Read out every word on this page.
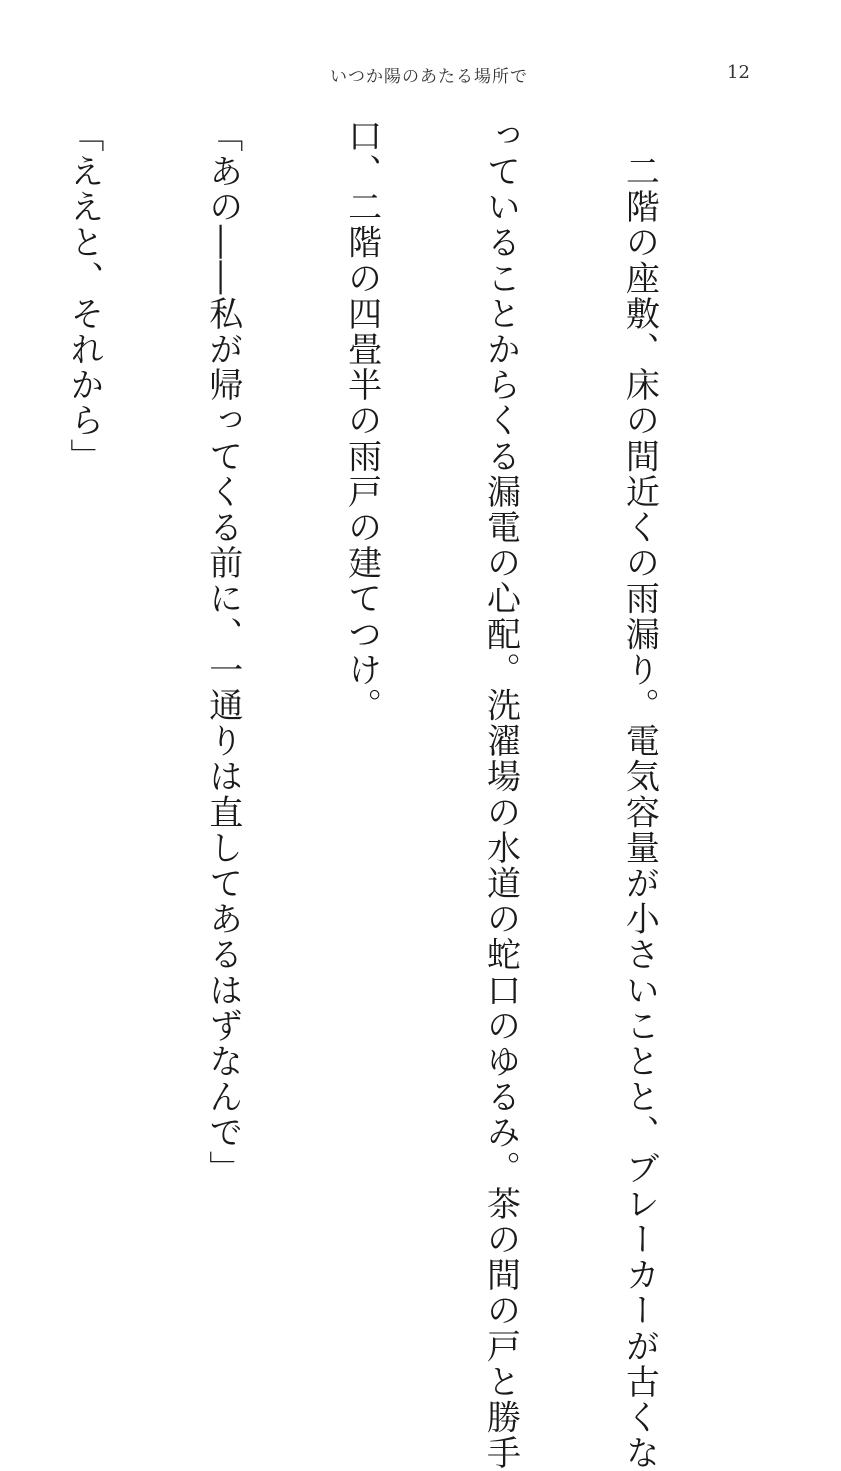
いつか陽のあたる場所で	12

　二階の座敷、床の間近くの雨漏り。電気容量が小さいことと、ブレーカーが古くな

っていることからくる漏電の心配。洗濯場の水道の蛇口のゆるみ。茶の間の戸と勝手

口、二階の四畳半の雨戸の建てつけ。

「あの――私が帰ってくる前に、一通りは直してあるはずなんで」

「ええと、それから」
